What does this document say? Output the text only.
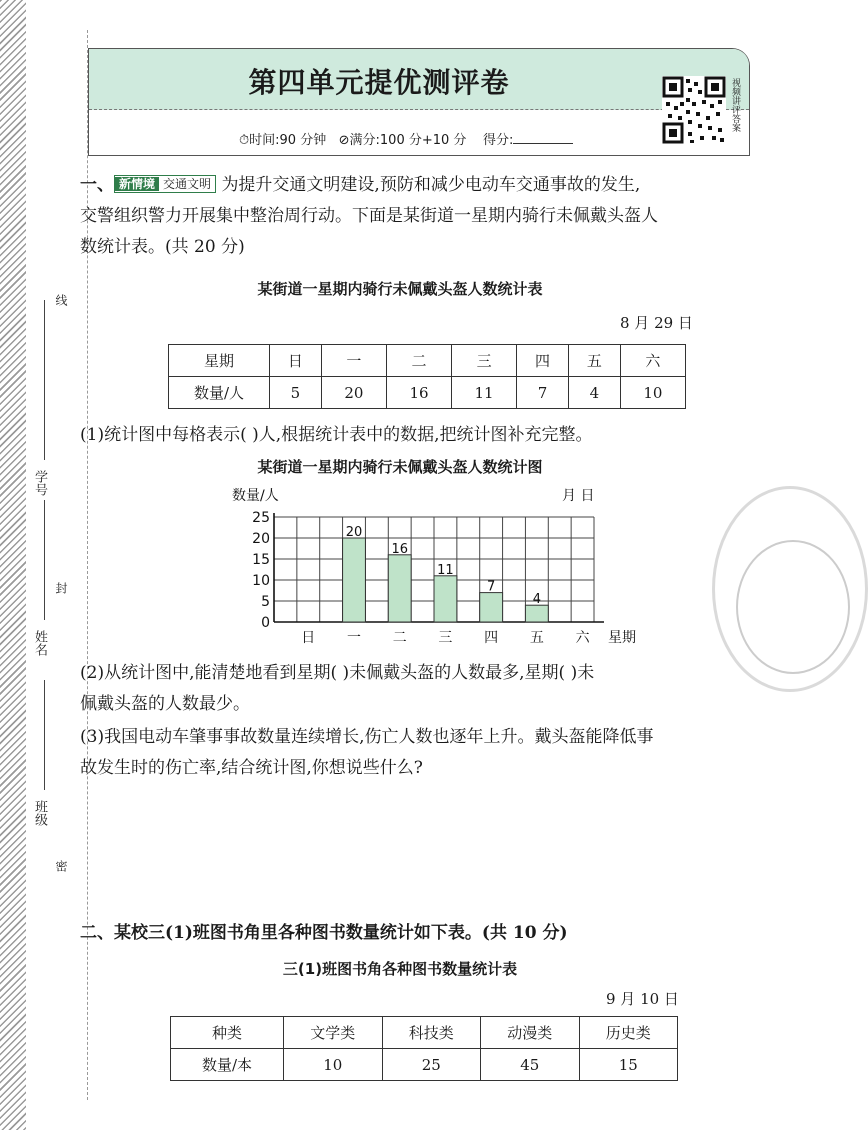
线
封
密
学号
姓名
班级
第四单元提优测评卷
⏱时间:90 分钟 ⊘满分:100 分+10 分 得分:
视频讲评答案
一、 新情境 交通文明 为提升交通文明建设,预防和减少电动车交通事故的发生,
交警组织警力开展集中整治周行动。下面是某街道一星期内骑行未佩戴头盔人
数统计表。(共 20 分)
某街道一星期内骑行未佩戴头盔人数统计表
8 月 29 日
星期	日	一	二	三	四	五	六
数量/人	5	20	16	11	7	4	10
(1)统计图中每格表示( )人,根据统计表中的数据,把统计图补充完整。
某街道一星期内骑行未佩戴头盔人数统计图
0
5
10
15
20
25
数量/人	月 日
日
20
一
16
二
11
三
7
四
4
五 六 星期
(2)从统计图中,能清楚地看到星期( )未佩戴头盔的人数最多,星期( )未
佩戴头盔的人数最少。
(3)我国电动车肇事事故数量连续增长,伤亡人数也逐年上升。戴头盔能降低事
故发生时的伤亡率,结合统计图,你想说些什么?
二、某校三(1)班图书角里各种图书数量统计如下表。(共 10 分)
三(1)班图书角各种图书数量统计表
9 月 10 日
种类	文学类	科技类	动漫类	历史类
数量/本	10	25	45	15
